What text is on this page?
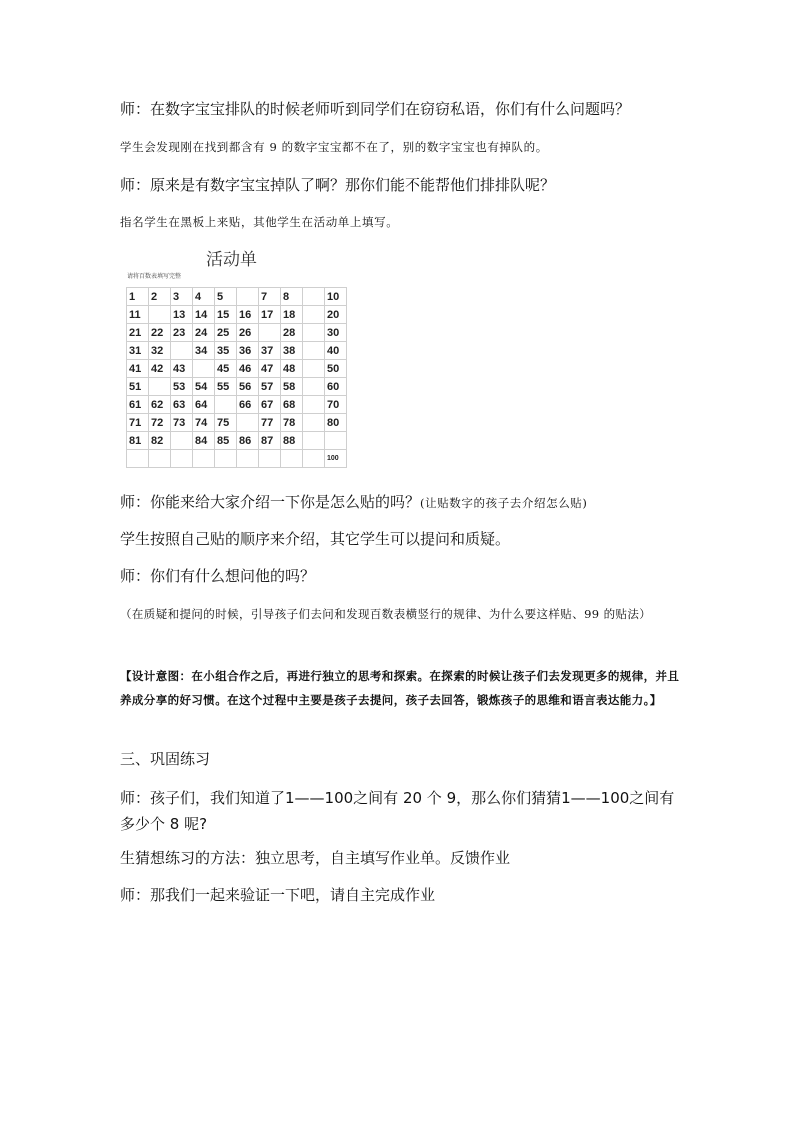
师：在数字宝宝排队的时候老师听到同学们在窃窃私语，你们有什么问题吗？

学生会发现刚在找到都含有 9 的数字宝宝都不在了，别的数字宝宝也有掉队的。

师：原来是有数字宝宝掉队了啊？那你们能不能帮他们排排队呢？

指名学生在黑板上来贴，其他学生在活动单上填写。

活动单
请将百数表填写完整
1	2	3	4	5		7	8		10
11		13	14	15	16	17	18		20
21	22	23	24	25	26		28		30
31	32		34	35	36	37	38		40
41	42	43		45	46	47	48		50
51		53	54	55	56	57	58		60
61	62	63	64		66	67	68		70
71	72	73	74	75		77	78		80
81	82		84	85	86	87	88		
									100

师：你能来给大家介绍一下你是怎么贴的吗？(让贴数字的孩子去介绍怎么贴)

学生按照自己贴的顺序来介绍，其它学生可以提问和质疑。

师：你们有什么想问他的吗？

（在质疑和提问的时候，引导孩子们去问和发现百数表横竖行的规律、为什么要这样贴、99 的贴法）

【设计意图：在小组合作之后，再进行独立的思考和探索。在探索的时候让孩子们去发现更多的规律，并且养成分享的好习惯。在这个过程中主要是孩子去提问，孩子去回答，锻炼孩子的思维和语言表达能力。】

三、巩固练习

师：孩子们，我们知道了1——100之间有 20 个 9，那么你们猜猜1——100之间有多少个 8 呢?

生猜想练习的方法：独立思考，自主填写作业单。反馈作业

师：那我们一起来验证一下吧，请自主完成作业
